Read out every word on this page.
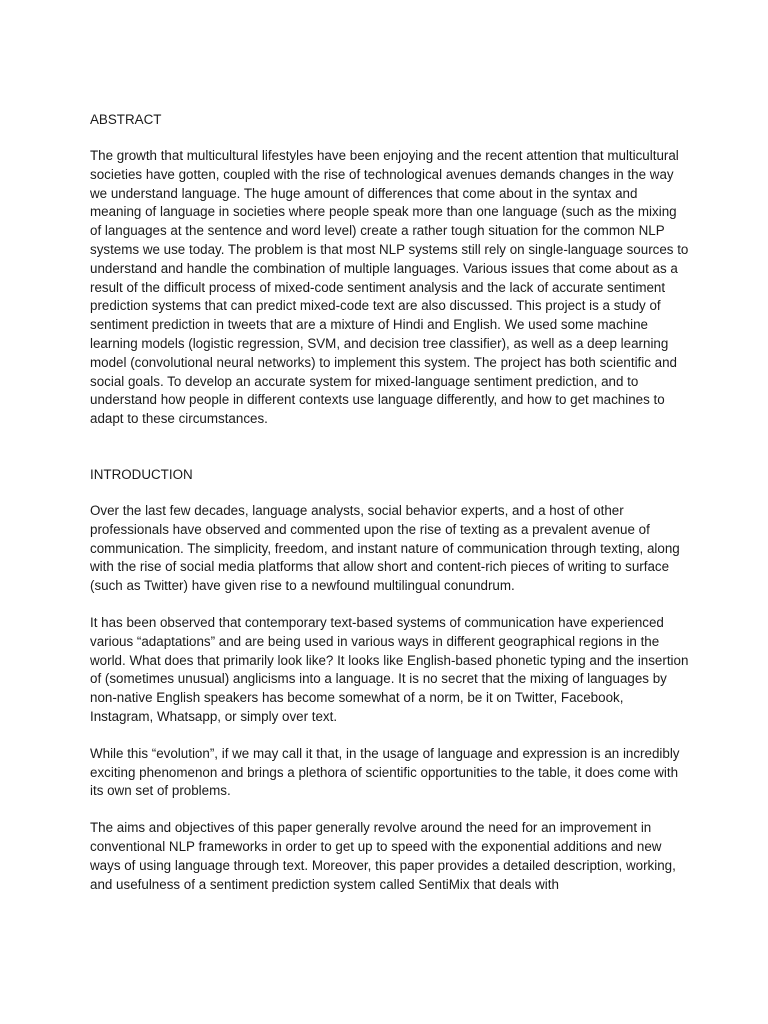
ABSTRACT

The growth that multicultural lifestyles have been enjoying and the recent attention that multicultural societies have gotten, coupled with the rise of technological avenues demands changes in the way we understand language. The huge amount of differences that come about in the syntax and meaning of language in societies where people speak more than one language (such as the mixing of languages at the sentence and word level) create a rather tough situation for the common NLP systems we use today. The problem is that most NLP systems still rely on single-language sources to understand and handle the combination of multiple languages. Various issues that come about as a result of the difficult process of mixed-code sentiment analysis and the lack of accurate sentiment prediction systems that can predict mixed-code text are also discussed. This project is a study of sentiment prediction in tweets that are a mixture of Hindi and English. We used some machine learning models (logistic regression, SVM, and decision tree classifier), as well as a deep learning model (convolutional neural networks) to implement this system. The project has both scientific and social goals. To develop an accurate system for mixed-language sentiment prediction, and to understand how people in different contexts use language differently, and how to get machines to adapt to these circumstances.

INTRODUCTION

Over the last few decades, language analysts, social behavior experts, and a host of other professionals have observed and commented upon the rise of texting as a prevalent avenue of communication. The simplicity, freedom, and instant nature of communication through texting, along with the rise of social media platforms that allow short and content-rich pieces of writing to surface (such as Twitter) have given rise to a newfound multilingual conundrum.

It has been observed that contemporary text-based systems of communication have experienced various “adaptations” and are being used in various ways in different geographical regions in the world. What does that primarily look like? It looks like English-based phonetic typing and the insertion of (sometimes unusual) anglicisms into a language. It is no secret that the mixing of languages by non-native English speakers has become somewhat of a norm, be it on Twitter, Facebook, Instagram, Whatsapp, or simply over text.

While this “evolution”, if we may call it that, in the usage of language and expression is an incredibly exciting phenomenon and brings a plethora of scientific opportunities to the table, it does come with its own set of problems.

The aims and objectives of this paper generally revolve around the need for an improvement in conventional NLP frameworks in order to get up to speed with the exponential additions and new ways of using language through text. Moreover, this paper provides a detailed description, working, and usefulness of a sentiment prediction system called SentiMix that deals with
